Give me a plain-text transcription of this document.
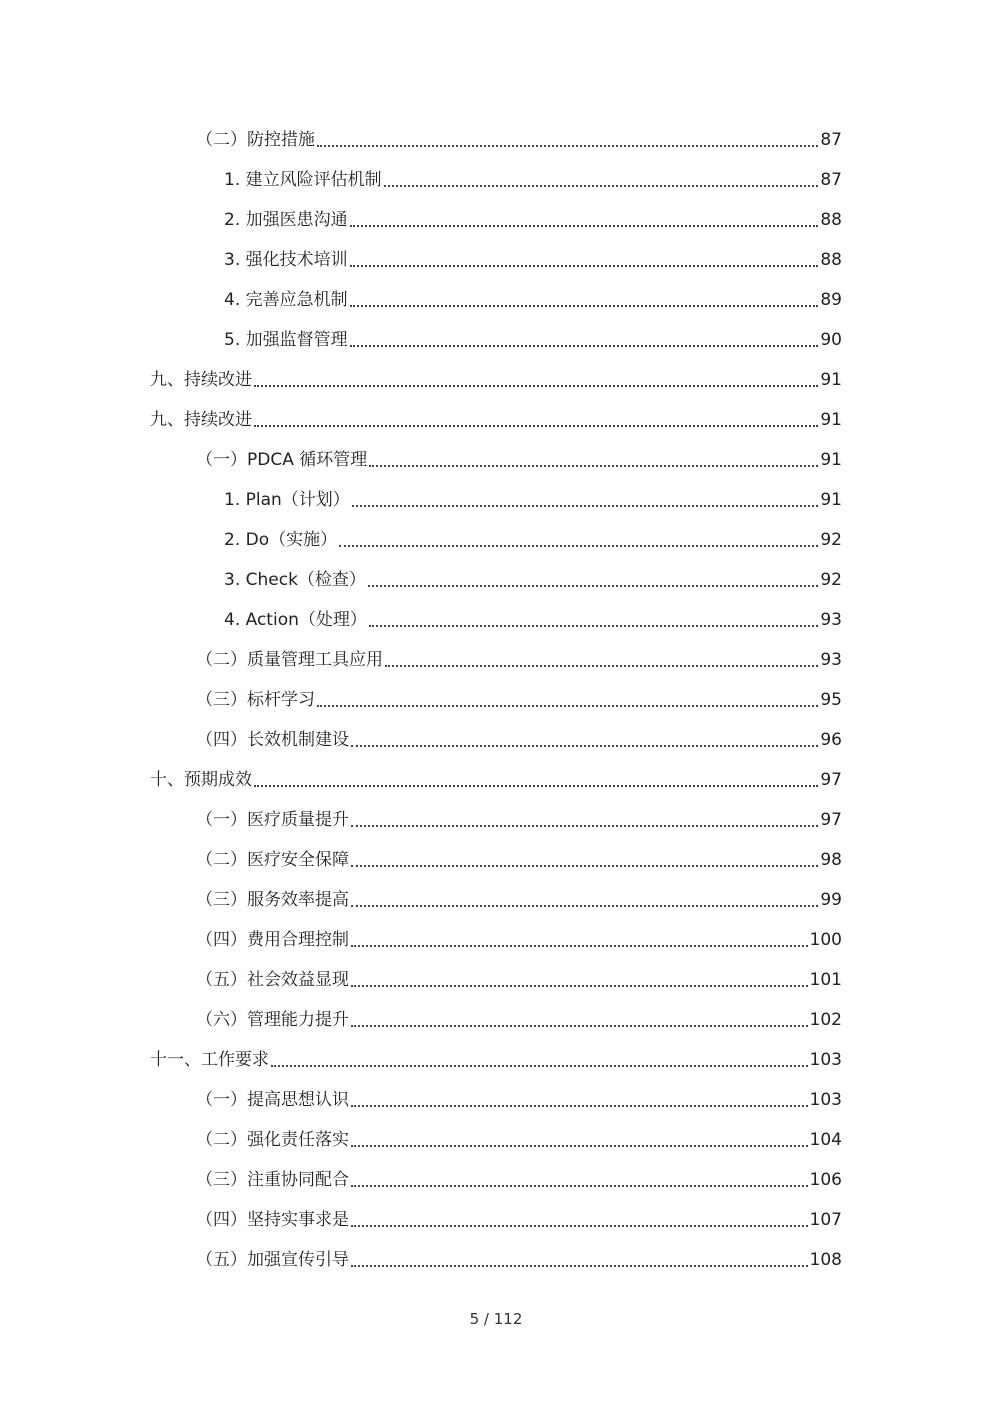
（二）防控措施	87
1. 建立风险评估机制	87
2. 加强医患沟通	88
3. 强化技术培训	88
4. 完善应急机制	89
5. 加强监督管理	90
九、持续改进	91
九、持续改进	91
（一）PDCA 循环管理	91
1. Plan（计划）	91
2. Do（实施）	92
3. Check（检查）	92
4. Action（处理）	93
（二）质量管理工具应用	93
（三）标杆学习	95
（四）长效机制建设	96
十、预期成效	97
（一）医疗质量提升	97
（二）医疗安全保障	98
（三）服务效率提高	99
（四）费用合理控制	100
（五）社会效益显现	101
（六）管理能力提升	102
十一、工作要求	103
（一）提高思想认识	103
（二）强化责任落实	104
（三）注重协同配合	106
（四）坚持实事求是	107
（五）加强宣传引导	108
5 / 112
